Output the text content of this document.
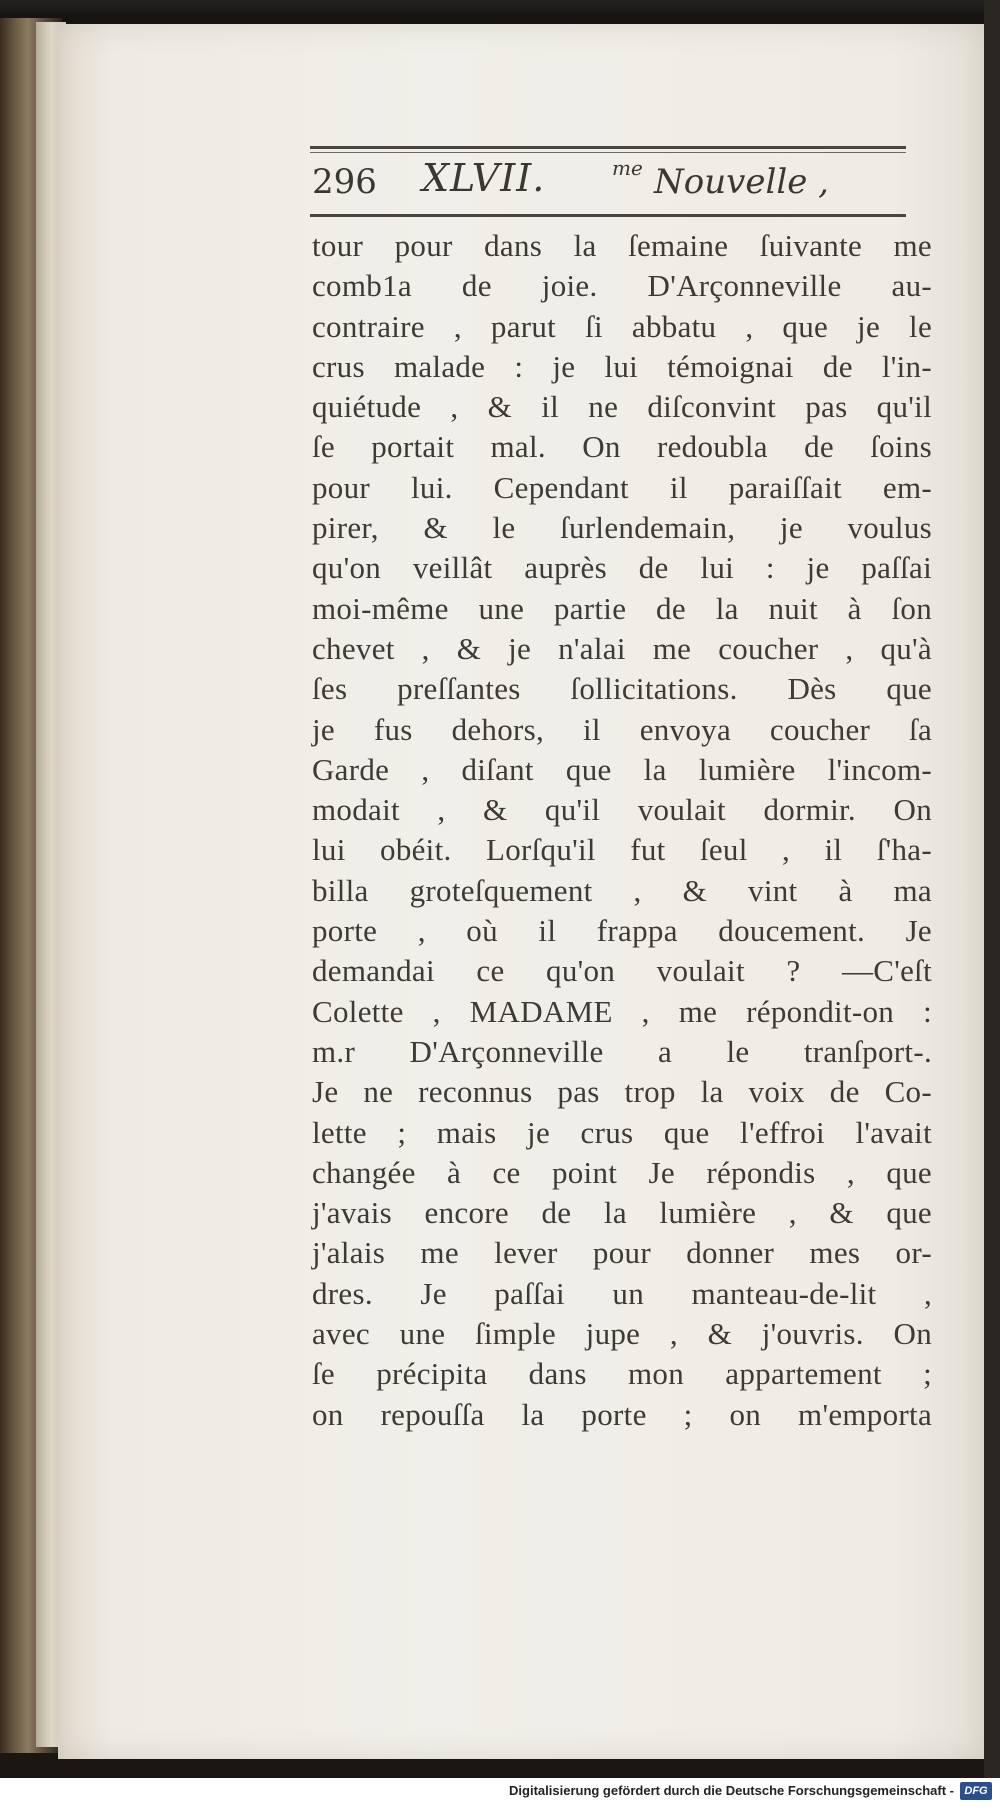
296 XLVII.	me Nouvelle ,
tour pour dans la ſemaine ſuivante me
comb1a de joie. D'Arçonneville au-
contraire , parut ſi abbatu , que je le
crus malade : je lui témoignai de l'in-
quiétude , & il ne diſconvint pas qu'il
ſe portait mal. On redoubla de ſoins
pour lui. Cependant il paraiſſait em-
pirer, & le ſurlendemain, je voulus
qu'on veillât auprès de lui : je paſſai
moi-même une partie de la nuit à ſon
chevet , & je n'alai me coucher , qu'à
ſes preſſantes ſollicitations. Dès que
je fus dehors, il envoya coucher ſa
Garde , diſant que la lumière l'incom-
modait , & qu'il voulait dormir. On
lui obéit. Lorſqu'il fut ſeul , il ſ'ha-
billa groteſquement , & vint à ma
porte , où il frappa doucement. Je
demandai ce qu'on voulait ? —C'eſt
Colette , MADAME , me répondit-on :
m.r D'Arçonneville a le tranſport-.
Je ne reconnus pas trop la voix de Co-
lette ; mais je crus que l'effroi l'avait
changée à ce point Je répondis , que
j'avais encore de la lumière , & que
j'alais me lever pour donner mes or-
dres. Je paſſai un manteau-de-lit ,
avec une ſimple jupe , & j'ouvris. On
ſe précipita dans mon appartement ;
on repouſſa la porte ; on m'emporta
Digitalisierung gefördert durch die Deutsche Forschungsgemeinschaft - DFG
